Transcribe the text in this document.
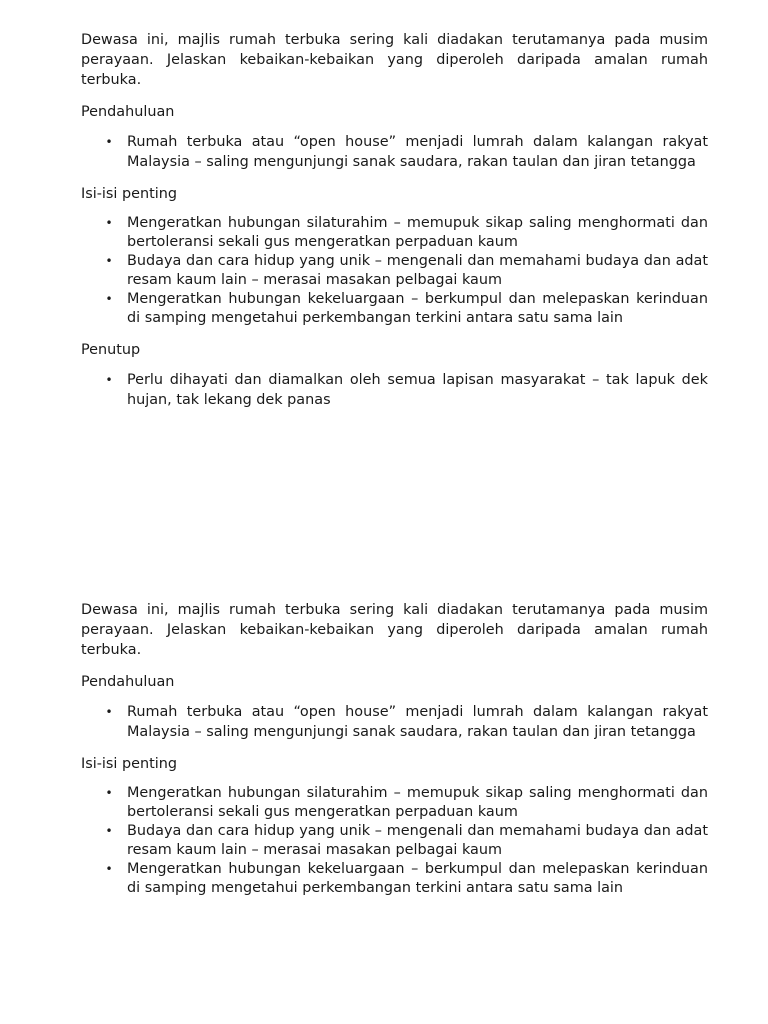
Dewasa ini, majlis rumah terbuka sering kali diadakan terutamanya pada musim perayaan. Jelaskan kebaikan-kebaikan yang diperoleh daripada amalan rumah terbuka.

Pendahuluan

• Rumah terbuka atau “open house” menjadi lumrah dalam kalangan rakyat Malaysia – saling mengunjungi sanak saudara, rakan taulan dan jiran tetangga

Isi-isi penting

• Mengeratkan hubungan silaturahim – memupuk sikap saling menghormati dan bertoleransi sekali gus mengeratkan perpaduan kaum
• Budaya dan cara hidup yang unik – mengenali dan memahami budaya dan adat resam kaum lain – merasai masakan pelbagai kaum
• Mengeratkan hubungan kekeluargaan – berkumpul dan melepaskan kerinduan di samping mengetahui perkembangan terkini antara satu sama lain

Penutup

• Perlu dihayati dan diamalkan oleh semua lapisan masyarakat – tak lapuk dek hujan, tak lekang dek panas

Dewasa ini, majlis rumah terbuka sering kali diadakan terutamanya pada musim perayaan. Jelaskan kebaikan-kebaikan yang diperoleh daripada amalan rumah terbuka.

Pendahuluan

• Rumah terbuka atau “open house” menjadi lumrah dalam kalangan rakyat Malaysia – saling mengunjungi sanak saudara, rakan taulan dan jiran tetangga

Isi-isi penting

• Mengeratkan hubungan silaturahim – memupuk sikap saling menghormati dan bertoleransi sekali gus mengeratkan perpaduan kaum
• Budaya dan cara hidup yang unik – mengenali dan memahami budaya dan adat resam kaum lain – merasai masakan pelbagai kaum
• Mengeratkan hubungan kekeluargaan – berkumpul dan melepaskan kerinduan di samping mengetahui perkembangan terkini antara satu sama lain
